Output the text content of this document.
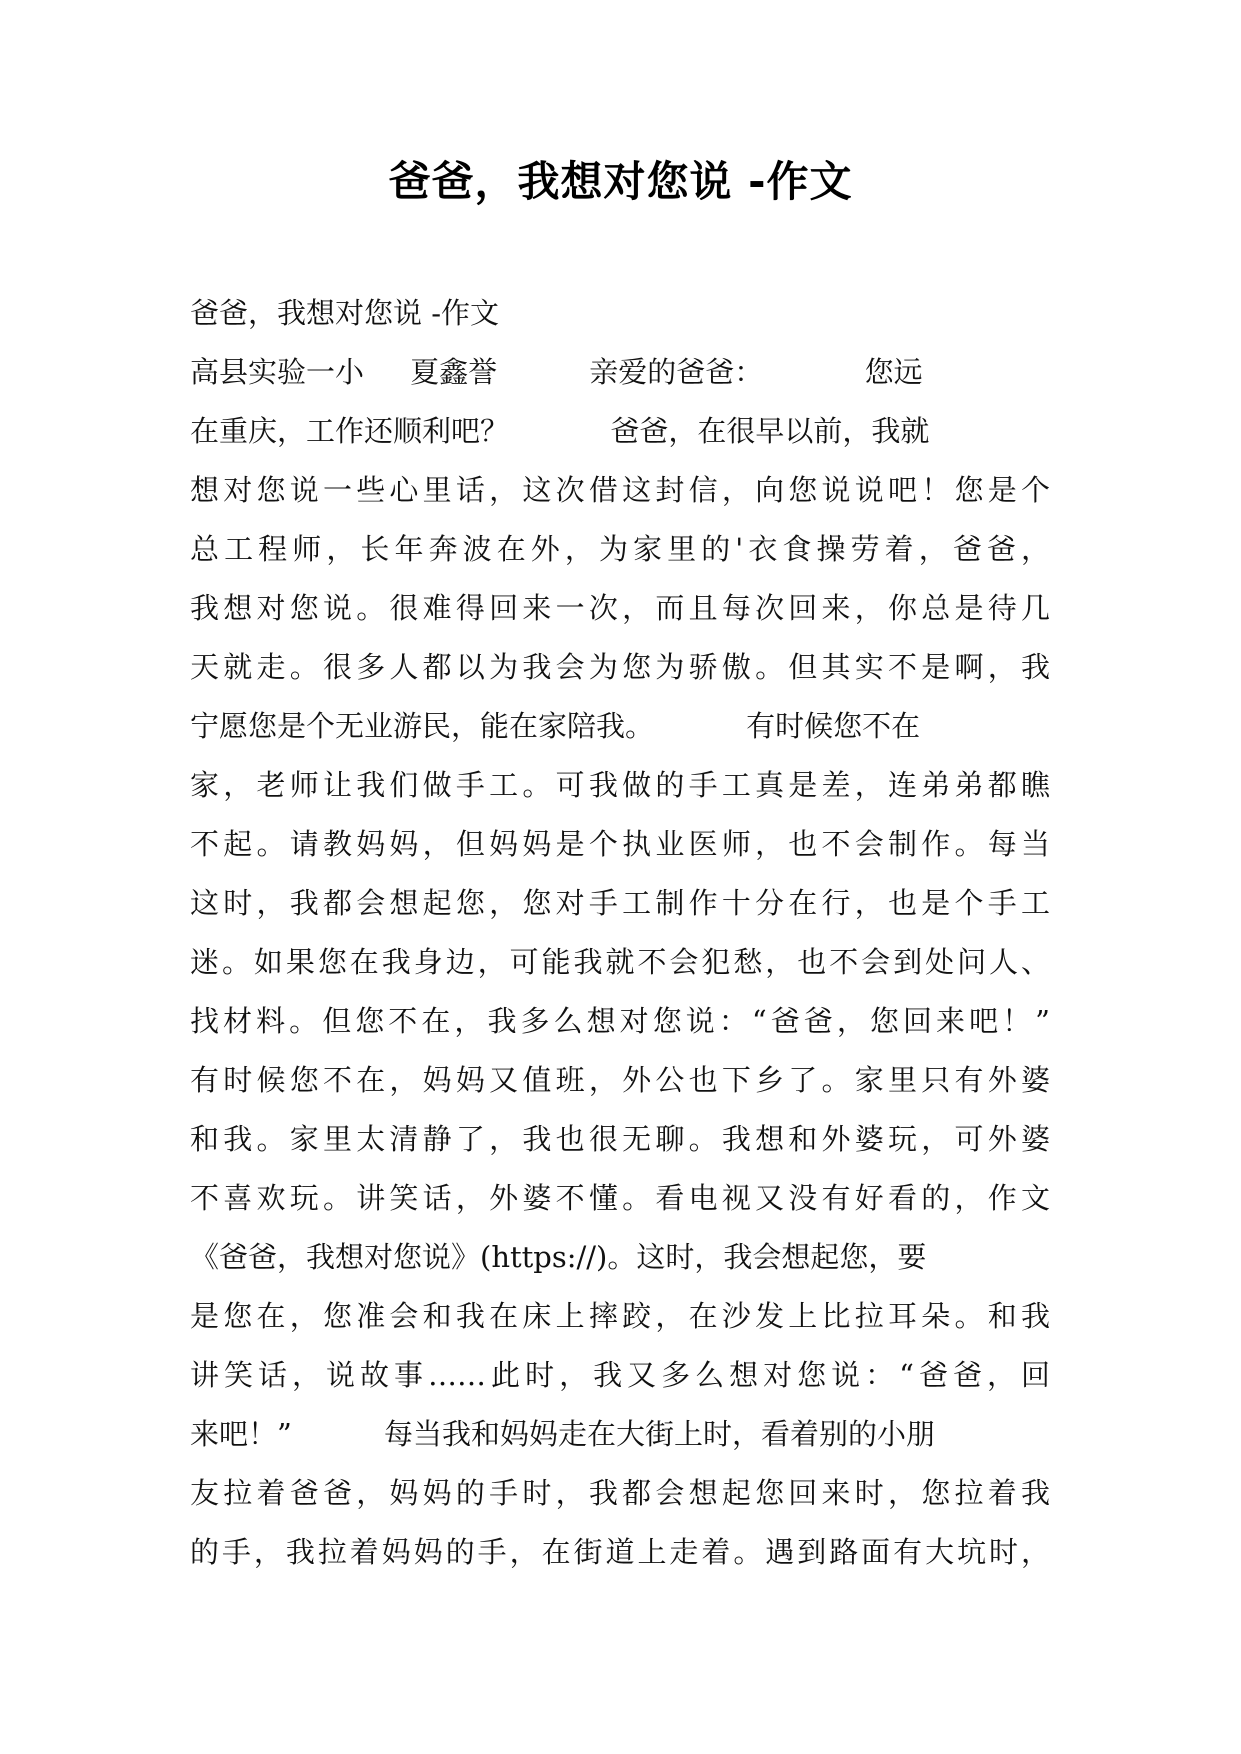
爸爸，我想对您说 -作文
爸爸，我想对您说 -作文
高县实验一小     夏鑫誉          亲爱的爸爸：           您远
在重庆，工作还顺利吧？           爸爸，在很早以前，我就
想对您说一些心里话，这次借这封信，向您说说吧！您是个
总工程师，长年奔波在外，为家里的'衣食操劳着，爸爸，
我想对您说。很难得回来一次，而且每次回来，你总是待几
天就走。很多人都以为我会为您为骄傲。但其实不是啊，我
宁愿您是个无业游民，能在家陪我。          有时候您不在
家，老师让我们做手工。可我做的手工真是差，连弟弟都瞧
不起。请教妈妈，但妈妈是个执业医师，也不会制作。每当
这时，我都会想起您，您对手工制作十分在行，也是个手工
迷。如果您在我身边，可能我就不会犯愁，也不会到处问人、
找材料。但您不在，我多么想对您说：“爸爸，您回来吧！”
有时候您不在，妈妈又值班，外公也下乡了。家里只有外婆
和我。家里太清静了，我也很无聊。我想和外婆玩，可外婆
不喜欢玩。讲笑话，外婆不懂。看电视又没有好看的，作文
《爸爸，我想对您说》(https://)。这时，我会想起您，要
是您在，您准会和我在床上摔跤，在沙发上比拉耳朵。和我
讲笑话，说故事……此时，我又多么想对您说：“爸爸，回
来吧！”          每当我和妈妈走在大街上时，看着别的小朋
友拉着爸爸，妈妈的手时，我都会想起您回来时，您拉着我
的手，我拉着妈妈的手，在街道上走着。遇到路面有大坑时，
